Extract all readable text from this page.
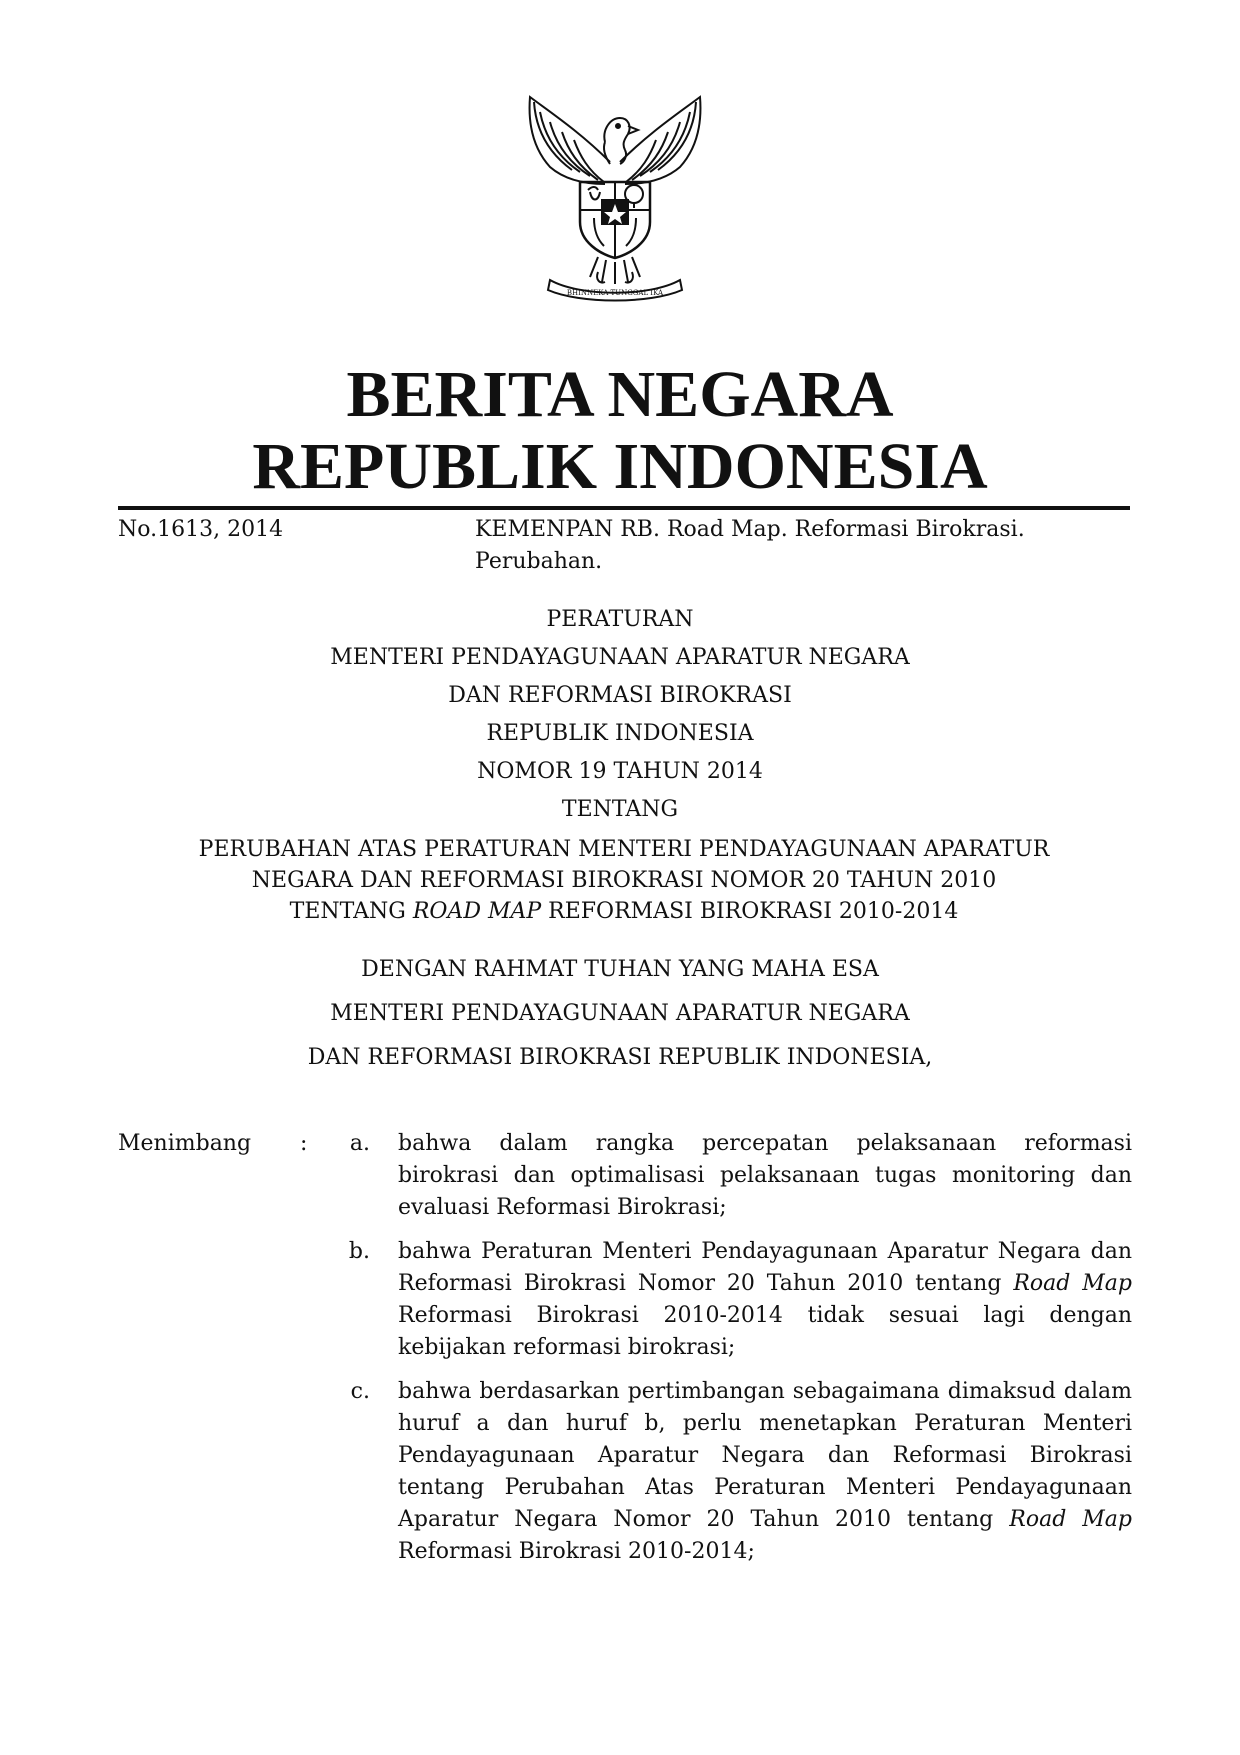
BHINNEKA TUNGGAL IKA
BERITA NEGARA
REPUBLIK INDONESIA
No.1613, 2014	KEMENPAN RB. Road Map. Reformasi Birokrasi.
Perubahan.
PERATURAN
MENTERI PENDAYAGUNAAN APARATUR NEGARA
DAN REFORMASI BIROKRASI
REPUBLIK INDONESIA
NOMOR 19 TAHUN 2014
TENTANG
PERUBAHAN ATAS PERATURAN MENTERI PENDAYAGUNAAN APARATUR
NEGARA DAN REFORMASI BIROKRASI NOMOR 20 TAHUN 2010
TENTANG ROAD MAP REFORMASI BIROKRASI 2010-2014
DENGAN RAHMAT TUHAN YANG MAHA ESA
MENTERI PENDAYAGUNAAN APARATUR NEGARA
DAN REFORMASI BIROKRASI REPUBLIK INDONESIA,
Menimbang :	a. bahwa dalam rangka percepatan pelaksanaan reformasi birokrasi dan optimalisasi pelaksanaan tugas monitoring dan evaluasi Reformasi Birokrasi;
b. bahwa Peraturan Menteri Pendayagunaan Aparatur Negara dan Reformasi Birokrasi Nomor 20 Tahun 2010 tentang Road Map Reformasi Birokrasi 2010-2014 tidak sesuai lagi dengan kebijakan reformasi birokrasi;
c. bahwa berdasarkan pertimbangan sebagaimana dimaksud dalam huruf a dan huruf b, perlu menetapkan Peraturan Menteri Pendayagunaan Aparatur Negara dan Reformasi Birokrasi tentang Perubahan Atas Peraturan Menteri Pendayagunaan Aparatur Negara Nomor 20 Tahun 2010 tentang Road Map Reformasi Birokrasi 2010-2014;
